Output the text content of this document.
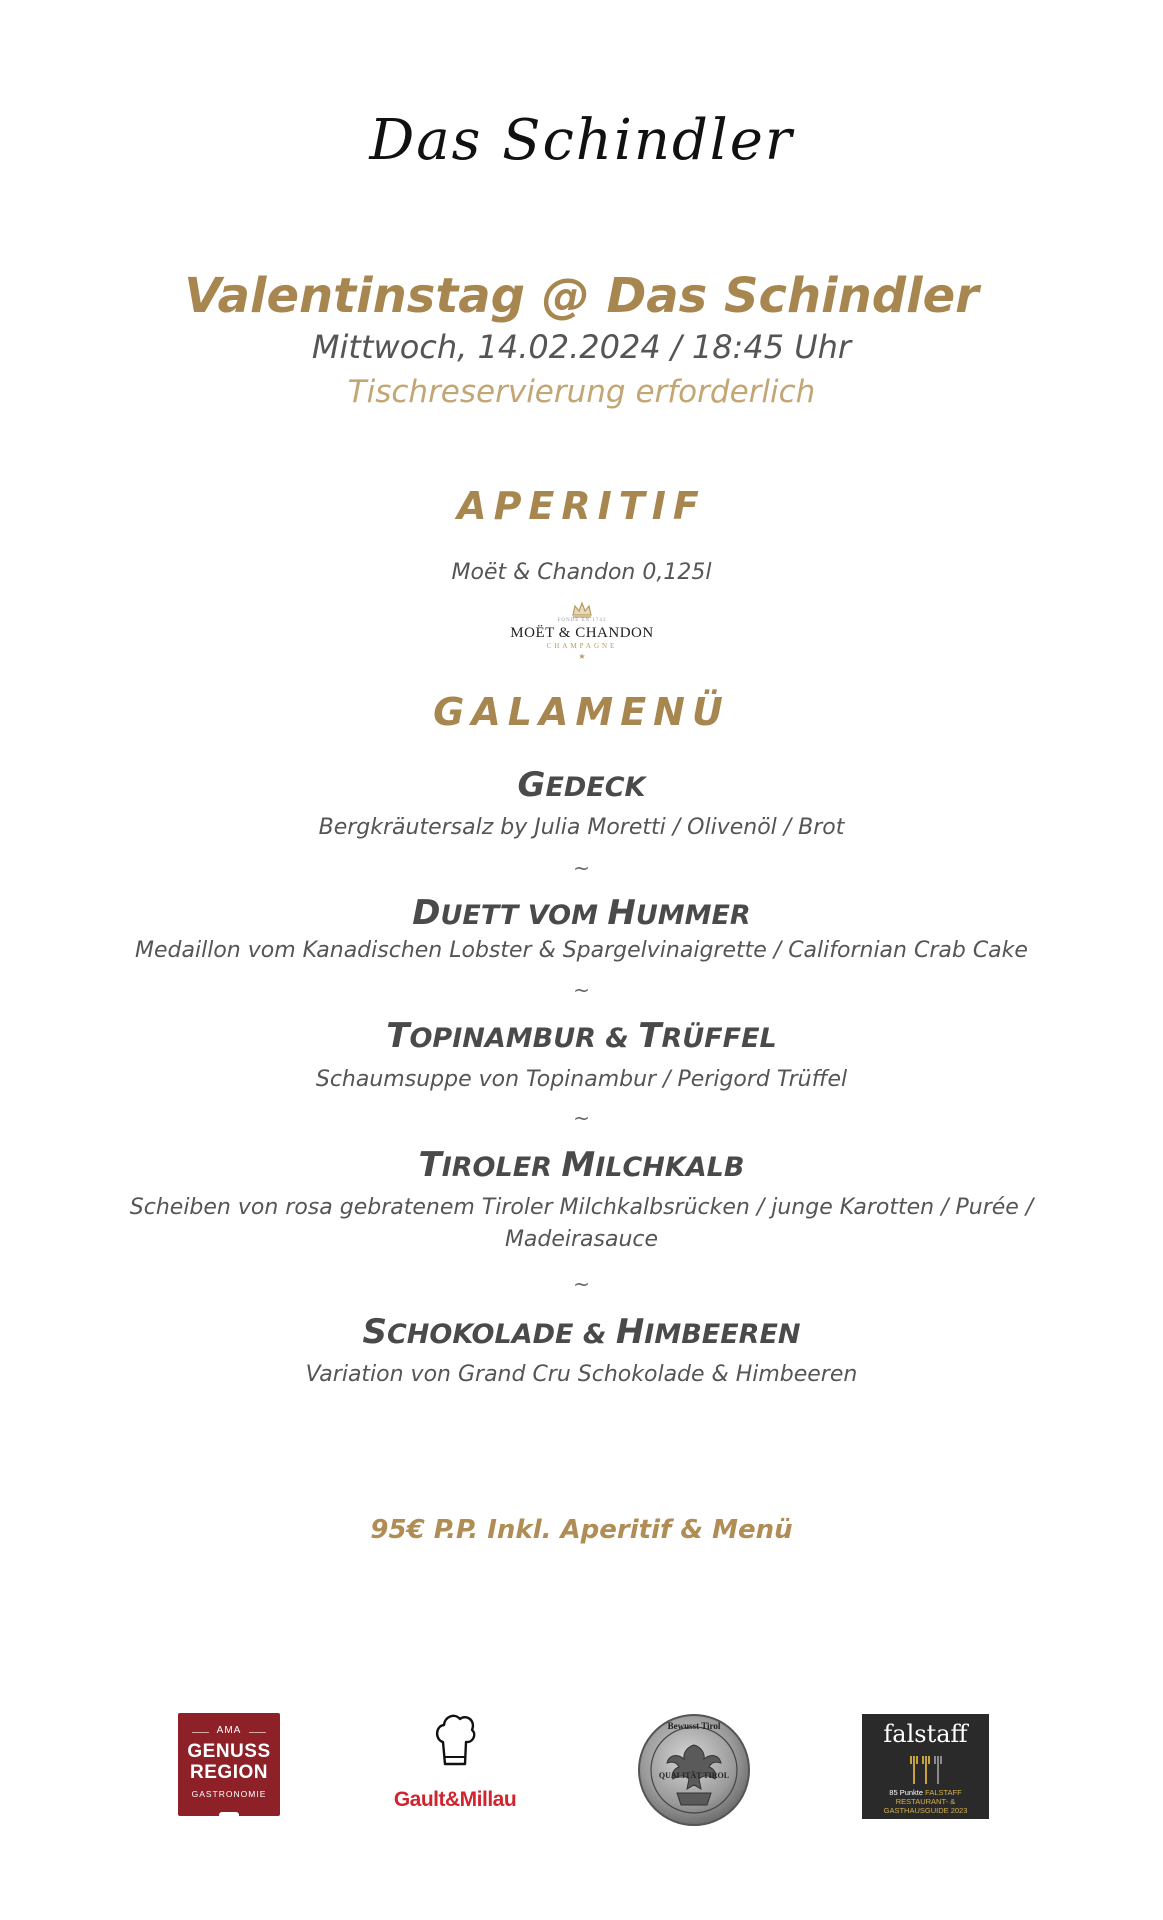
Das Schindler
Valentinstag @ Das Schindler
Mittwoch, 14.02.2024 / 18:45 Uhr
Tischreservierung erforderlich
APERITIF
Moët & Chandon 0,125l
FONDÉ EN 1743
MOËT & CHANDON
CHAMPAGNE
★
GALAMENÜ
GEDECK
Bergkräutersalz by Julia Moretti / Olivenöl / Brot
~
DUETT VOM HUMMER
Medaillon vom Kanadischen Lobster & Spargelvinaigrette / Californian Crab Cake
~
TOPINAMBUR & TRÜFFEL
Schaumsuppe von Topinambur / Perigord Trüffel
~
TIROLER MILCHKALB
Scheiben von rosa gebratenem Tiroler Milchkalbsrücken / junge Karotten / Purée /
Madeirasauce
~
SCHOKOLADE & HIMBEEREN
Variation von Grand Cru Schokolade & Himbeeren
95€ P.P. Inkl. Aperitif & Menü
AMA
GENUSS
REGION
GASTRONOMIE	Gault&Millau
Bewusst Tirol
QUALITÄT TIROL
falstaff
85 Punkte FALSTAFF
RESTAURANT- &
GASTHAUSGUIDE 2023
